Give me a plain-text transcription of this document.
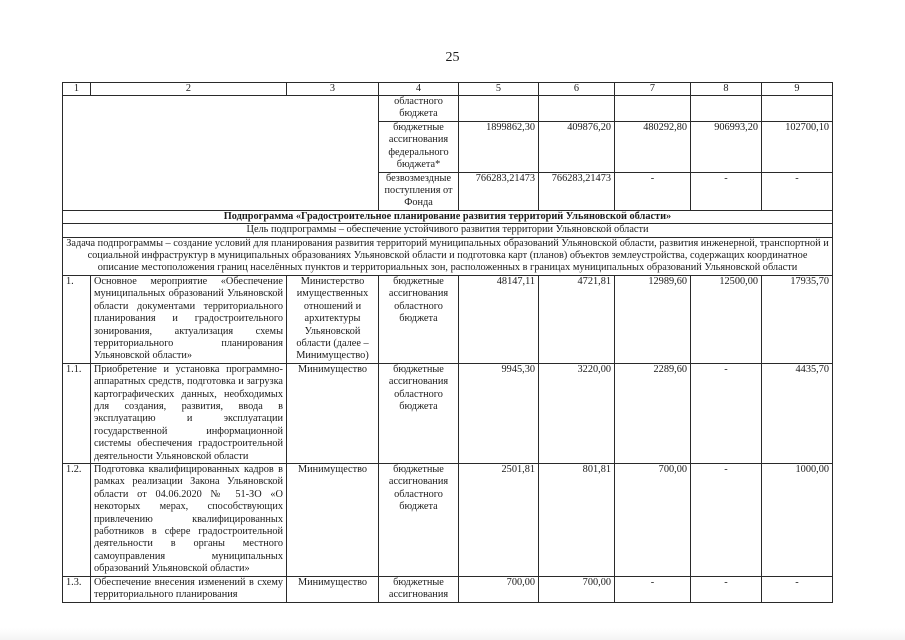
25
1	2	3	4	5	6	7	8	9
			областного бюджета					
			бюджетные ассигнования федерального бюджета*	1899862,30	409876,20	480292,80	906993,20	102700,10
			безвозмездные поступления от Фонда	766283,21473	766283,21473	-	-	-
Подпрограмма «Градостроительное планирование развития территорий Ульяновской области»								
Цель подпрограммы – обеспечение устойчивого развития территории Ульяновской области								
Задача подпрограммы – создание условий для планирования развития территорий муниципальных образований Ульяновской области, развития инженерной, транспортной и социальной инфраструктур в муниципальных образованиях Ульяновской области и подготовка карт (планов) объектов землеустройства, содержащих координатное описание местоположения границ населённых пунктов и территориальных зон, расположенных в границах муниципальных образований Ульяновской области								
1.	Основное мероприятие «Обеспечение муниципальных образований Ульяновской области документами территориального планирования и градостроительного зонирования, актуализация схемы территориального планирования Ульяновской области»	Министерство имущественных отношений и архитектуры Ульяновской области (далее – Минимущество)	бюджетные ассигнования областного бюджета	48147,11	4721,81	12989,60	12500,00	17935,70
1.1.	Приобретение и установка программно-аппаратных средств, подготовка и загрузка картографических данных, необходимых для создания, развития, ввода в эксплуатацию и эксплуатации государственной информационной системы обеспечения градостроительной деятельности Ульяновской области	Минимущество	бюджетные ассигнования областного бюджета	9945,30	3220,00	2289,60	-	4435,70
1.2.	Подготовка квалифицированных кадров в рамках реализации Закона Ульяновской области от 04.06.2020 № 51-ЗО «О некоторых мерах, способствующих привлечению квалифицированных работников в сфере градостроительной деятельности в органы местного самоуправления муниципальных образований Ульяновской области»	Минимущество	бюджетные ассигнования областного бюджета	2501,81	801,81	700,00	-	1000,00
1.3.	Обеспечение внесения изменений в схему территориального планирования	Минимущество	бюджетные ассигнования	700,00	700,00	-	-	-
